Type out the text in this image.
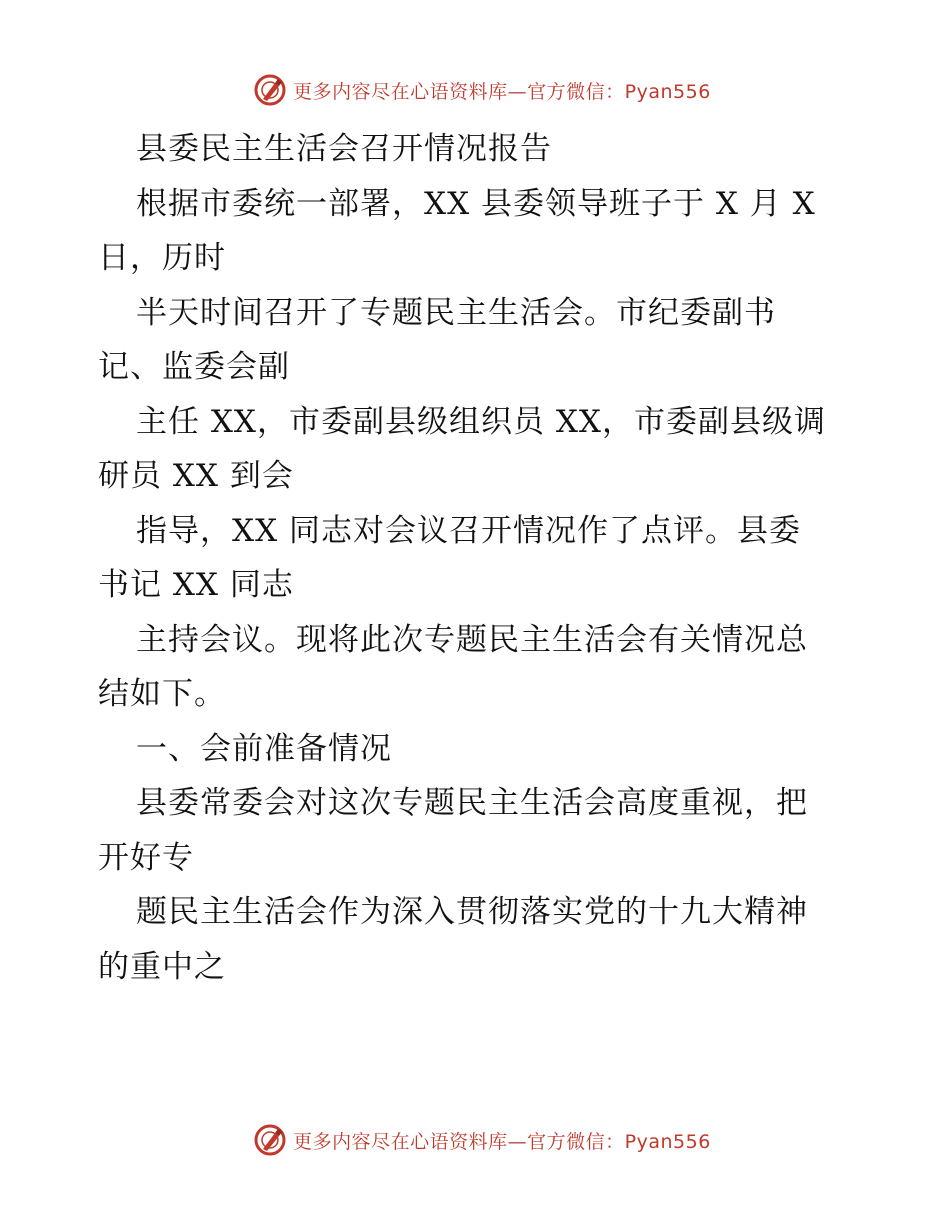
更多内容尽在心语资料库—官方微信：Pyan556
县委民主生活会召开情况报告
根据市委统一部署，XX 县委领导班子于 X 月 X
日，历时
半天时间召开了专题民主生活会。市纪委副书
记、监委会副
主任 XX，市委副县级组织员 XX，市委副县级调
研员 XX 到会
指导，XX 同志对会议召开情况作了点评。县委
书记 XX 同志
主持会议。现将此次专题民主生活会有关情况总
结如下。
一、会前准备情况
县委常委会对这次专题民主生活会高度重视，把
开好专
题民主生活会作为深入贯彻落实党的十九大精神
的重中之
更多内容尽在心语资料库—官方微信：Pyan556
